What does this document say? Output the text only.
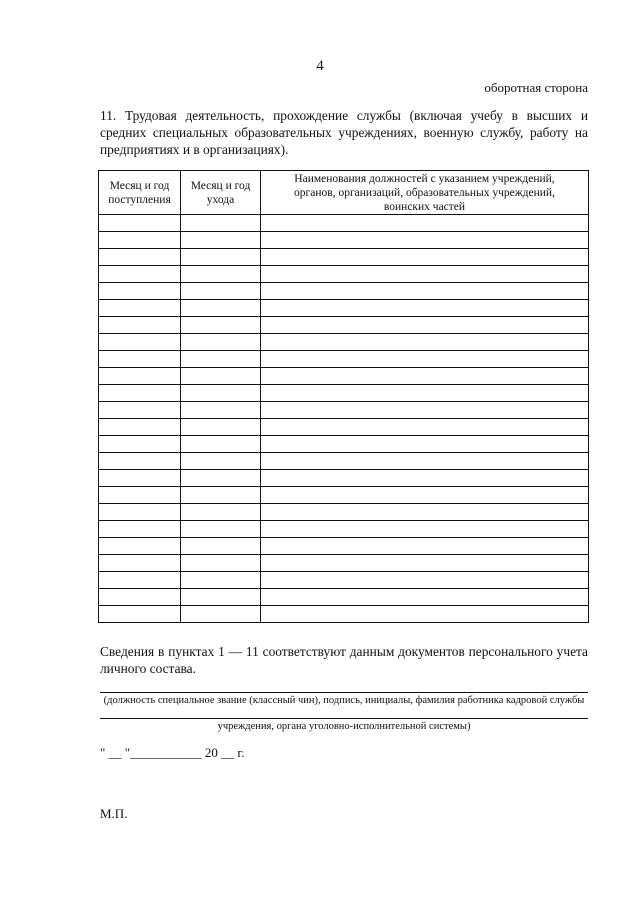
4
оборотная сторона
11. Трудовая деятельность, прохождение службы (включая учебу в высших и средних специальных образовательных учреждениях, военную службу, работу на предприятиях и в организациях).
Месяц и год поступления	Месяц и год ухода	Наименования должностей с указанием учреждений, органов, организаций, образовательных учреждений, воинских частей

Сведения в пунктах 1 — 11 соответствуют данным документов персонального учета личного состава.
(должность специальное звание (классный чин), подпись, инициалы, фамилия работника кадровой службы
учреждения, органа уголовно-исполнительной системы)
" __ "___________ 20 __ г.
М.П.
